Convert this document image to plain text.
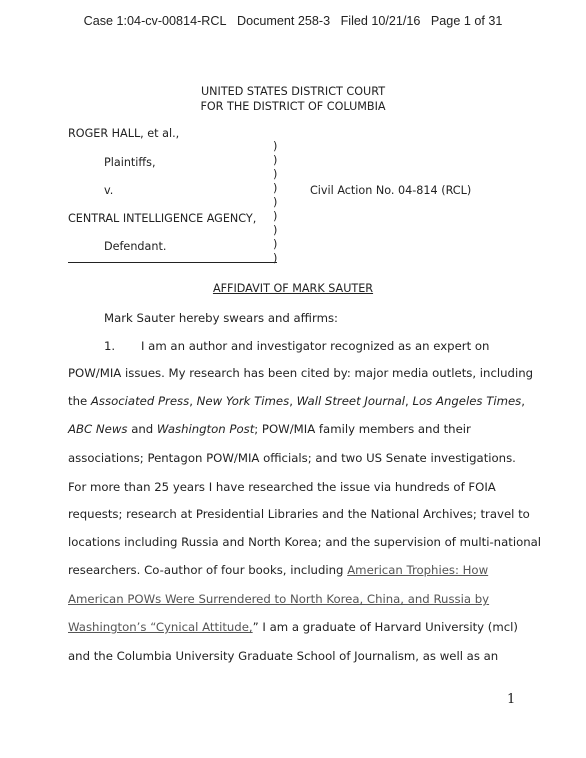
Case 1:04-cv-00814-RCL Document 258-3 Filed 10/21/16 Page 1 of 31
UNITED STATES DISTRICT COURT
FOR THE DISTRICT OF COLUMBIA
ROGER HALL, et al.,
Plaintiffs,
v.
CENTRAL INTELLIGENCE AGENCY,
Defendant.
Civil Action No. 04-814 (RCL)
)
)
)
)
)
)
)
)
)
AFFIDAVIT OF MARK SAUTER
Mark Sauter hereby swears and affirms:
1. I am an author and investigator recognized as an expert on
POW/MIA issues. My research has been cited by: major media outlets, including
the Associated Press, New York Times, Wall Street Journal, Los Angeles Times,
ABC News and Washington Post; POW/MIA family members and their
associations; Pentagon POW/MIA officials; and two US Senate investigations.
For more than 25 years I have researched the issue via hundreds of FOIA
requests; research at Presidential Libraries and the National Archives; travel to
locations including Russia and North Korea; and the supervision of multi-national
researchers. Co-author of four books, including American Trophies: How
American POWs Were Surrendered to North Korea, China, and Russia by
Washington’s “Cynical Attitude,” I am a graduate of Harvard University (mcl)
and the Columbia University Graduate School of Journalism, as well as an
1
